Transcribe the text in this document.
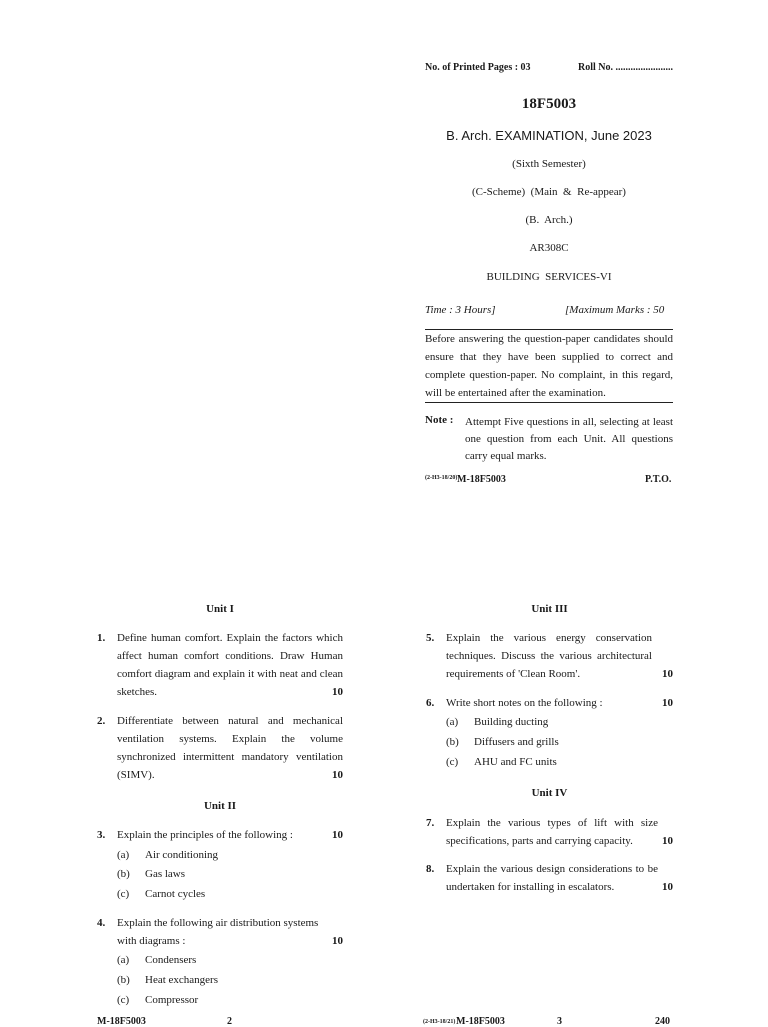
No. of Printed Pages : 03	Roll No. .......................
18F5003
B. Arch. EXAMINATION, June 2023
(Sixth Semester)
(C-Scheme)  (Main  &  Re-appear)
(B.  Arch.)
AR308C
BUILDING  SERVICES-VI
Time : 3 Hours]	[Maximum Marks : 50
Before answering the question-paper candidates should ensure that they have been supplied to correct and complete question-paper. No complaint, in this regard, will be entertained after the examination.
Note : Attempt Five questions in all, selecting at least one question from each Unit. All questions carry equal marks.
(2-H3-18/20) M-18F5003	P.T.O.
Unit I
1. Define human comfort. Explain the factors which affect human comfort conditions. Draw Human comfort diagram and explain it with neat and clean sketches.	10
2. Differentiate between natural and mechanical ventilation systems. Explain the volume synchronized intermittent mandatory ventilation (SIMV).	10
Unit II
3. Explain the principles of the following :	10
(a) Air conditioning
(b) Gas laws
(c) Carnot cycles
4. Explain the following air distribution systems with diagrams :	10
(a) Condensers
(b) Heat exchangers
(c) Compressor
M-18F5003	2
Unit III
5. Explain the various energy conservation techniques. Discuss the various architectural requirements of 'Clean Room'.	10
6. Write short notes on the following :	10
(a) Building ducting
(b) Diffusers and grills
(c) AHU and FC units
Unit IV
7. Explain the various types of lift with size specifications, parts and carrying capacity.	10
8. Explain the various design considerations to be undertaken for installing in escalators.	10
(2-H3-18/21) M-18F5003	3	240
